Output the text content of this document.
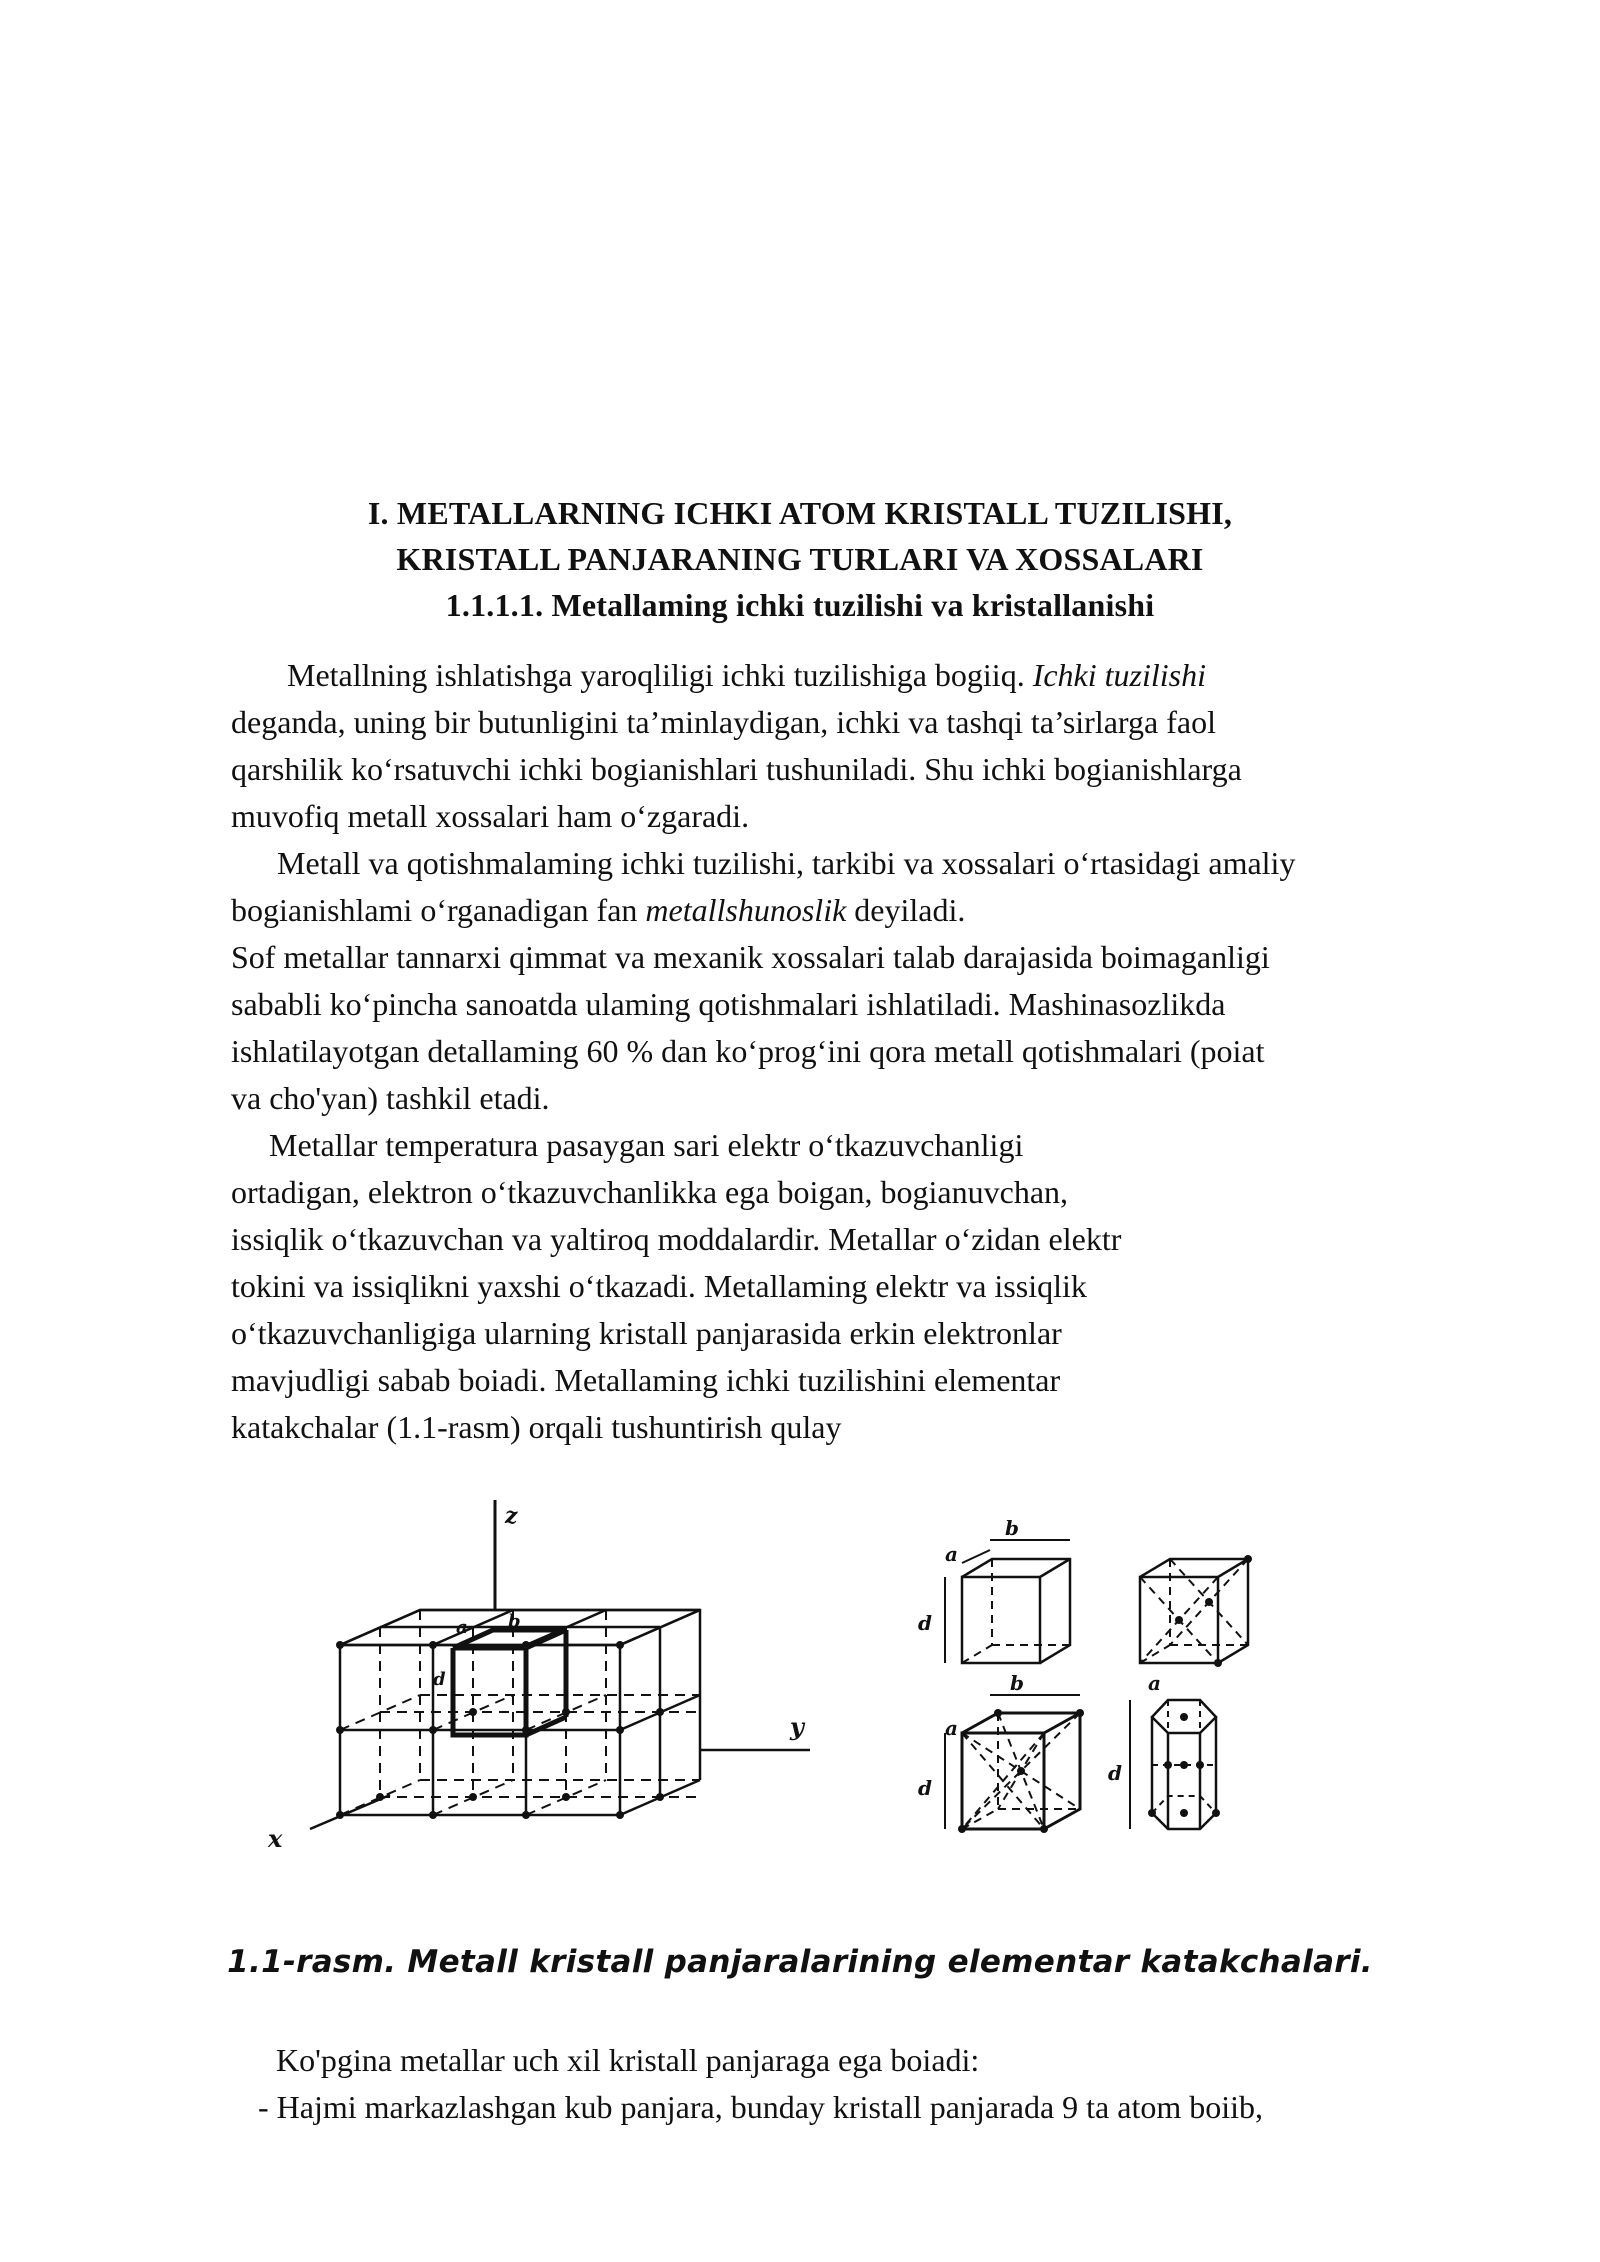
I. METALLARNING ICHKI ATOM KRISTALL TUZILISHI,
KRISTALL PANJARANING TURLARI VA XOSSALARI
1.1.1.1. Metallaming ichki tuzilishi va kristallanishi
Metallning ishlatishga yaroqliligi ichki tuzilishiga bogiiq. Ichki tuzilishi
deganda, uning bir butunligini ta’minlaydigan, ichki va tashqi ta’sirlarga faol
qarshilik ko‘rsatuvchi ichki bogianishlari tushuniladi. Shu ichki bogianishlarga
muvofiq metall xossalari ham o‘zgaradi.
Metall va qotishmalaming ichki tuzilishi, tarkibi va xossalari o‘rtasidagi amaliy
bogianishlami o‘rganadigan fan metallshunoslik deyiladi.
Sof metallar tannarxi qimmat va mexanik xossalari talab darajasida boimaganligi
sababli ko‘pincha sanoatda ulaming qotishmalari ishlatiladi. Mashinasozlikda
ishlatilayotgan detallaming 60 % dan ko‘prog‘ini qora metall qotishmalari (poiat
va cho'yan) tashkil etadi.
Metallar temperatura pasaygan sari elektr o‘tkazuvchanligi
ortadigan, elektron o‘tkazuvchanlikka ega boigan, bogianuvchan,
issiqlik o‘tkazuvchan va yaltiroq moddalardir. Metallar o‘zidan elektr
tokini va issiqlikni yaxshi o‘tkazadi. Metallaming elektr va issiqlik
o‘tkazuvchanligiga ularning kristall panjarasida erkin elektronlar
mavjudligi sabab boiadi. Metallaming ichki tuzilishini elementar
katakchalar (1.1-rasm) orqali tushuntirish qulay
z
a b
d
y
x
b
a
d
b
a
d
a
d
1.1-rasm. Metall kristall panjaralarining elementar katakchalari.
Ko'pgina metallar uch xil kristall panjaraga ega boiadi:
- Hajmi markazlashgan kub panjara, bunday kristall panjarada 9 ta atom boiib,
